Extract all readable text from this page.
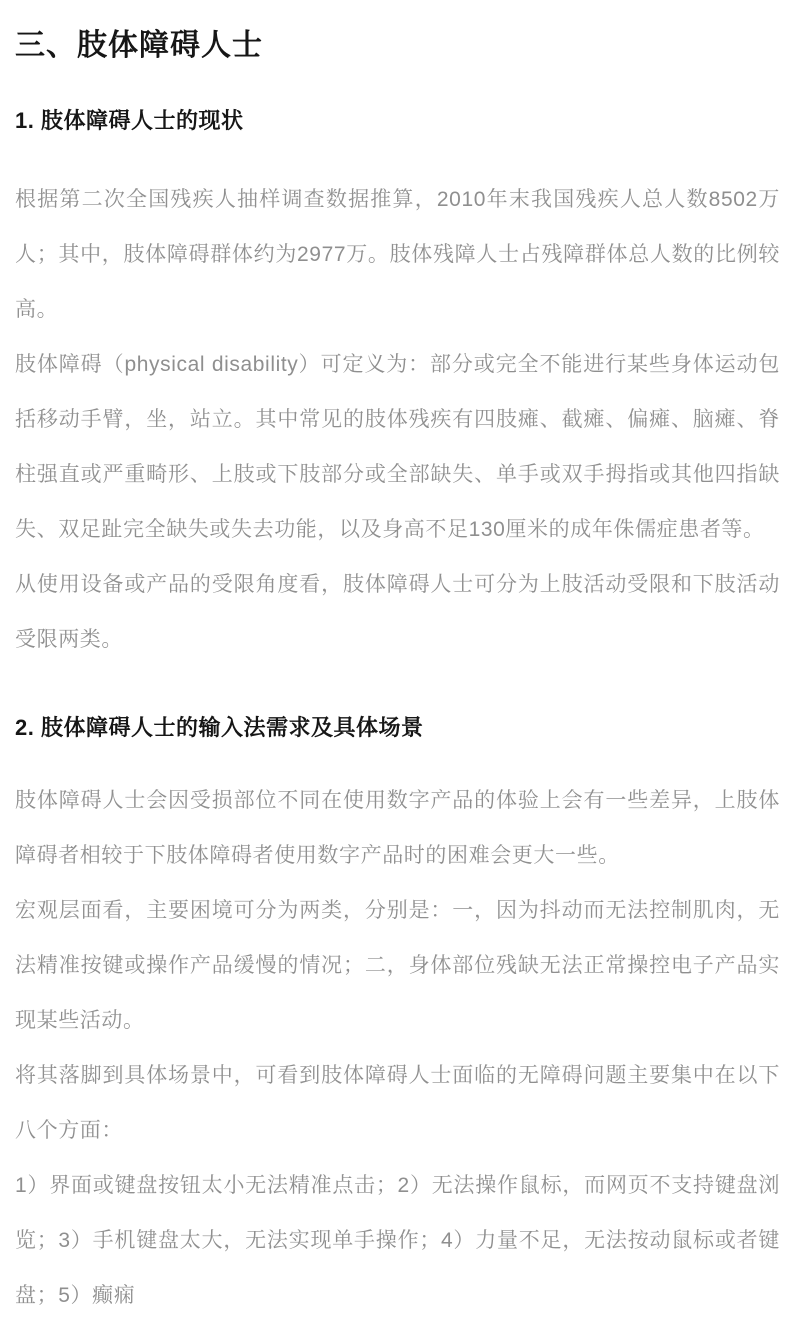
三、肢体障碍人士
1. 肢体障碍人士的现状

根据第二次全国残疾人抽样调查数据推算，2010年末我国残疾人总人数8502万人；其中，肢体障碍群体约为2977万。肢体残障人士占残障群体总人数的比例较高。

肢体障碍（physical disability）可定义为：部分或完全不能进行某些身体运动包括移动手臂，坐，站立。其中常见的肢体残疾有四肢瘫、截瘫、偏瘫、脑瘫、脊柱强直或严重畸形、上肢或下肢部分或全部缺失、单手或双手拇指或其他四指缺失、双足趾完全缺失或失去功能，以及身高不足130厘米的成年侏儒症患者等。

从使用设备或产品的受限角度看，肢体障碍人士可分为上肢活动受限和下肢活动受限两类。

2. 肢体障碍人士的输入法需求及具体场景

肢体障碍人士会因受损部位不同在使用数字产品的体验上会有一些差异，上肢体障碍者相较于下肢体障碍者使用数字产品时的困难会更大一些。

宏观层面看，主要困境可分为两类，分别是：一，因为抖动而无法控制肌肉，无法精准按键或操作产品缓慢的情况；二，身体部位残缺无法正常操控电子产品实现某些活动。

将其落脚到具体场景中，可看到肢体障碍人士面临的无障碍问题主要集中在以下八个方面：

1）界面或键盘按钮太小无法精准点击；2）无法操作鼠标，而网页不支持键盘浏览；3）手机键盘太大，无法实现单手操作；4）力量不足，无法按动鼠标或者键盘；5）癫痫
